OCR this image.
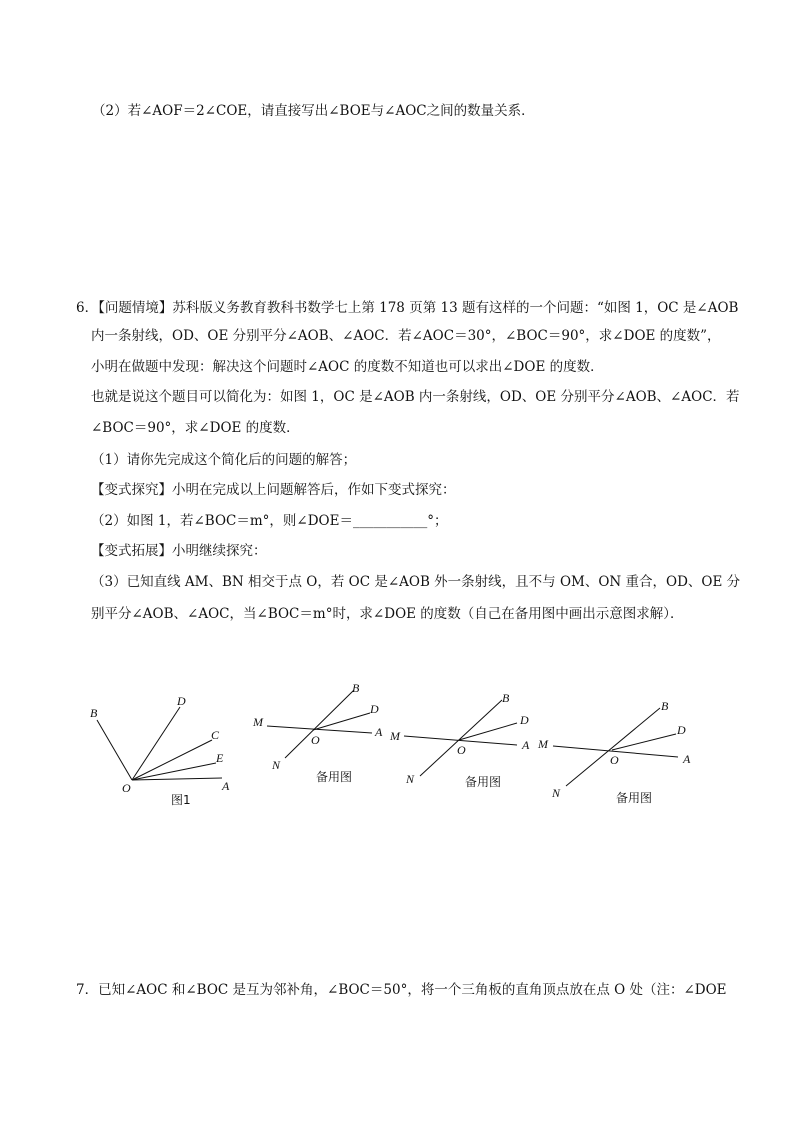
（2）若∠AOF＝2∠COE，请直接写出∠BOE与∠AOC之间的数量关系．
6．【问题情境】苏科版义务教育教科书数学七上第 178 页第 13 题有这样的一个问题：“如图 1，OC 是∠AOB
内一条射线，OD、OE 分别平分∠AOB、∠AOC．若∠AOC＝30°，∠BOC＝90°，求∠DOE 的度数”，
小明在做题中发现：解决这个问题时∠AOC 的度数不知道也可以求出∠DOE 的度数．
也就是说这个题目可以简化为：如图 1，OC 是∠AOB 内一条射线，OD、OE 分别平分∠AOB、∠AOC．若
∠BOC＝90°，求∠DOE 的度数．
（1）请你先完成这个简化后的问题的解答；
【变式探究】小明在完成以上问题解答后，作如下变式探究：
（2）如图 1，若∠BOC＝m°，则∠DOE＝___________°；
【变式拓展】小明继续探究：
（3）已知直线 AM、BN 相交于点 O，若 OC 是∠AOB 外一条射线，且不与 OM、ON 重合，OD、OE 分
别平分∠AOB、∠AOC，当∠BOC＝m°时，求∠DOE 的度数（自己在备用图中画出示意图求解）．
B
D
C
E
A
O
图1
B
D
M
O
A
N
备用图
B
D
M
O	A
N	备用图
B
D
M
O	A
N	备用图
7．已知∠AOC 和∠BOC 是互为邻补角，∠BOC＝50°，将一个三角板的直角顶点放在点 O 处（注：∠DOE
